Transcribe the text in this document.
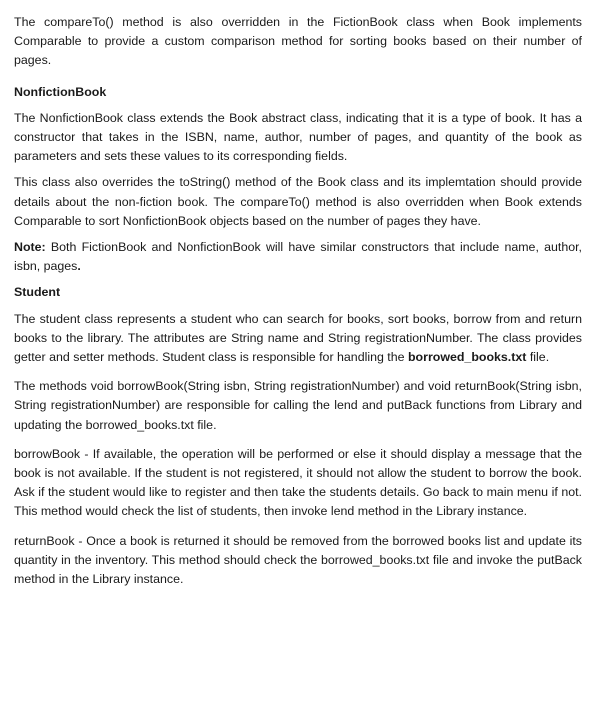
The compareTo() method is also overridden in the FictionBook class when Book implements Comparable to provide a custom comparison method for sorting books based on their number of pages.

NonfictionBook

The NonfictionBook class extends the Book abstract class, indicating that it is a type of book. It has a constructor that takes in the ISBN, name, author, number of pages, and quantity of the book as parameters and sets these values to its corresponding fields.

This class also overrides the toString() method of the Book class and its implemtation should provide details about the non-fiction book. The compareTo() method is also overridden when Book extends Comparable to sort NonfictionBook objects based on the number of pages they have.

Note: Both FictionBook and NonfictionBook will have similar constructors that include name, author, isbn, pages.

Student

The student class represents a student who can search for books, sort books, borrow from and return books to the library. The attributes are String name and String registrationNumber. The class provides getter and setter methods. Student class is responsible for handling the borrowed_books.txt file.

The methods void borrowBook(String isbn, String registrationNumber) and void returnBook(String isbn, String registrationNumber) are responsible for calling the lend and putBack functions from Library and updating the borrowed_books.txt file.

borrowBook - If available, the operation will be performed or else it should display a message that the book is not available. If the student is not registered, it should not allow the student to borrow the book. Ask if the student would like to register and then take the students details. Go back to main menu if not. This method would check the list of students, then invoke lend method in the Library instance.

returnBook - Once a book is returned it should be removed from the borrowed books list and update its quantity in the inventory. This method should check the borrowed_books.txt file and invoke the putBack method in the Library instance.
